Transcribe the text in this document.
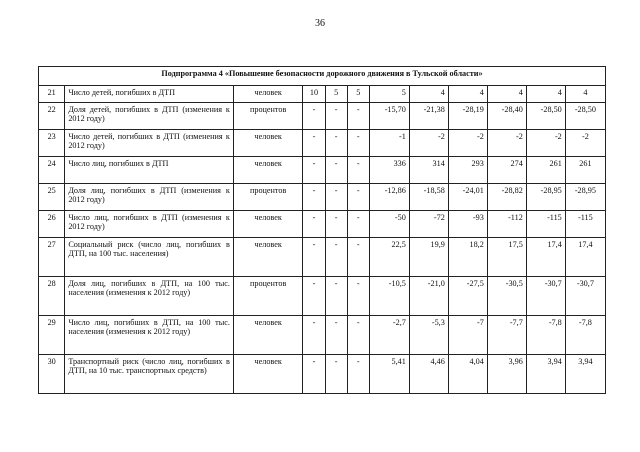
36
Подпрограмма 4 «Повышение безопасности дорожного движения в Тульской области»											
21	Число детей, погибших в ДТП	человек	10	5	5	5	4	4	4	4	4
22	Доля детей, погибших в ДТП (изменения к 2012 году)	процентов	-	-	-	-15,70	-21,38	-28,19	-28,40	-28,50	-28,50
23	Число детей, погибших в ДТП (изменения к 2012 году)	человек	-	-	-	-1	-2	-2	-2	-2	-2
24	Число лиц, погибших в ДТП	человек	-	-	-	336	314	293	274	261	261
25	Доля лиц, погибших в ДТП (изменения к 2012 году)	процентов	-	-	-	-12,86	-18,58	-24,01	-28,82	-28,95	-28,95
26	Число лиц, погибших в ДТП (изменения к 2012 году)	человек	-	-	-	-50	-72	-93	-112	-115	-115
27	Социальный риск (число лиц, погибших в ДТП, на 100 тыс. населения)	человек	-	-	-	22,5	19,9	18,2	17,5	17,4	17,4
28	Доля лиц, погибших в ДТП, на 100 тыс. населения (изменения к 2012 году)	процентов	-	-	-	-10,5	-21,0	-27,5	-30,5	-30,7	-30,7
29	Число лиц, погибших в ДТП, на 100 тыс. населения (изменения к 2012 году)	человек	-	-	-	-2,7	-5,3	-7	-7,7	-7,8	-7,8
30	Транспортный риск (число лиц, погибших в ДТП, на 10 тыс. транспортных средств)	человек	-	-	-	5,41	4,46	4,04	3,96	3,94	3,94
